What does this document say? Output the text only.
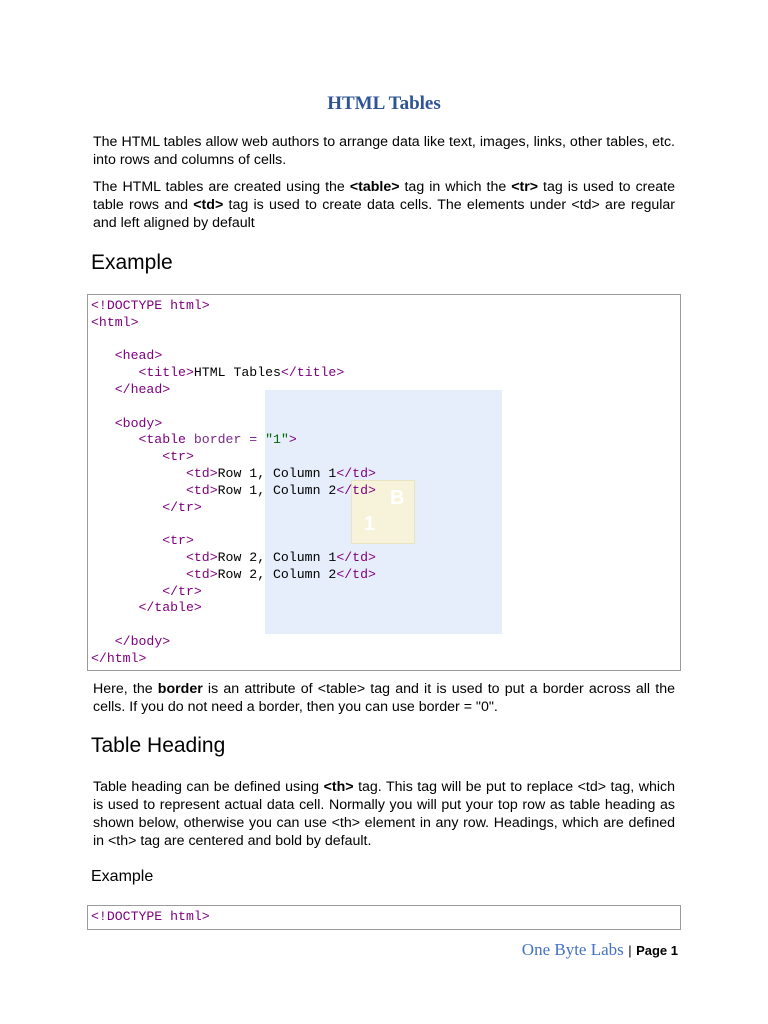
HTML Tables

The HTML tables allow web authors to arrange data like text, images, links, other tables, etc. into rows and columns of cells.

The HTML tables are created using the <table> tag in which the <tr> tag is used to create table rows and <td> tag is used to create data cells. The elements under <td> are regular and left aligned by default

Example
B
1
<!DOCTYPE html>
<html>

<head>
<title>HTML Tables</title>
</head>

<body>
<table border = "1">
<tr>
<td>Row 1, Column 1</td>
<td>Row 1, Column 2</td>
</tr>

<tr>
<td>Row 2, Column 1</td>
<td>Row 2, Column 2</td>
</tr>
</table>

</body>
</html>

Here, the border is an attribute of <table> tag and it is used to put a border across all the cells. If you do not need a border, then you can use border = "0".

Table Heading

Table heading can be defined using <th> tag. This tag will be put to replace <td> tag, which is used to represent actual data cell. Normally you will put your top row as table heading as shown below, otherwise you can use <th> element in any row. Headings, which are defined in <th> tag are centered and bold by default.

Example
<!DOCTYPE html>
One Byte Labs | Page 1
